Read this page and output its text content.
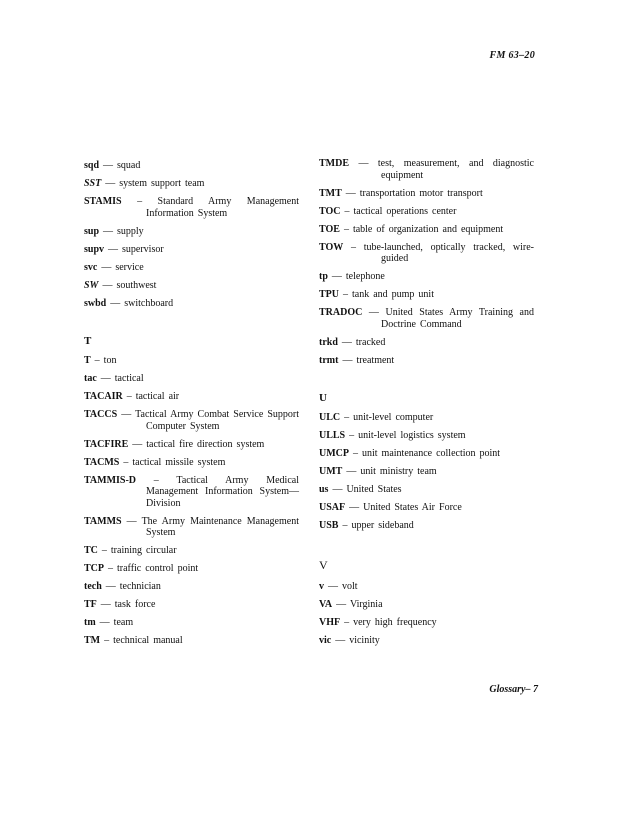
FM 63–20
sqd — squad
SST — system support team
STAMIS – Standard Army Management Information System
sup — supply
supv — supervisor
svc — service
SW — southwest
swbd — switchboard
T
T – ton
tac — tactical
TACAIR – tactical air
TACCS — Tactical Army Combat Service Support Computer System
TACFIRE — tactical fire direction system
TACMS – tactical missile system
TAMMIS-D – Tactical Army Medical Management Information System—Division
TAMMS — The Army Maintenance Management System
TC – training circular
TCP – traffic control point
tech — technician
TF — task force
tm — team
TM – technical manual
TMDE — test, measurement, and diagnostic equipment
TMT — transportation motor transport
TOC – tactical operations center
TOE – table of organization and equipment
TOW – tube-launched, optically tracked, wire-guided
tp — telephone
TPU – tank and pump unit
TRADOC — United States Army Training and Doctrine Command
trkd — tracked
trmt — treatment
U
ULC – unit-level computer
ULLS – unit-level logistics system
UMCP – unit maintenance collection point
UMT — unit ministry team
us — United States
USAF — United States Air Force
USB – upper sideband
V
v — volt
VA — Virginia
VHF – very high frequency
vic — vicinity
Glossary– 7
